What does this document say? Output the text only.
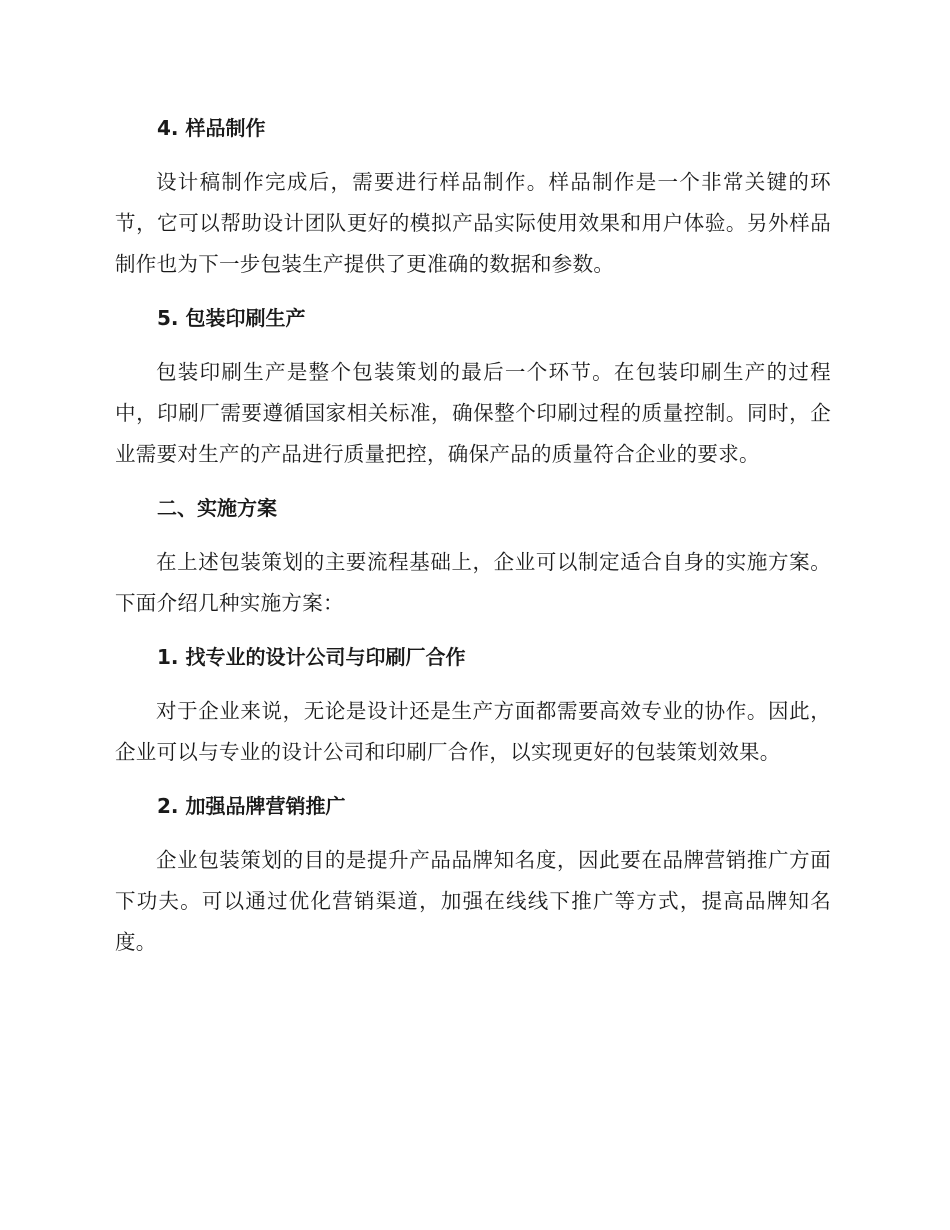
4. 样品制作

设计稿制作完成后，需要进行样品制作。样品制作是一个非常关键的环节，它可以帮助设计团队更好的模拟产品实际使用效果和用户体验。另外样品制作也为下一步包装生产提供了更准确的数据和参数。

5. 包装印刷生产

包装印刷生产是整个包装策划的最后一个环节。在包装印刷生产的过程中，印刷厂需要遵循国家相关标准，确保整个印刷过程的质量控制。同时，企业需要对生产的产品进行质量把控，确保产品的质量符合企业的要求。

二、实施方案

在上述包装策划的主要流程基础上，企业可以制定适合自身的实施方案。下面介绍几种实施方案：

1. 找专业的设计公司与印刷厂合作

对于企业来说，无论是设计还是生产方面都需要高效专业的协作。因此，企业可以与专业的设计公司和印刷厂合作，以实现更好的包装策划效果。

2. 加强品牌营销推广

企业包装策划的目的是提升产品品牌知名度，因此要在品牌营销推广方面下功夫。可以通过优化营销渠道，加强在线线下推广等方式，提高品牌知名度。
